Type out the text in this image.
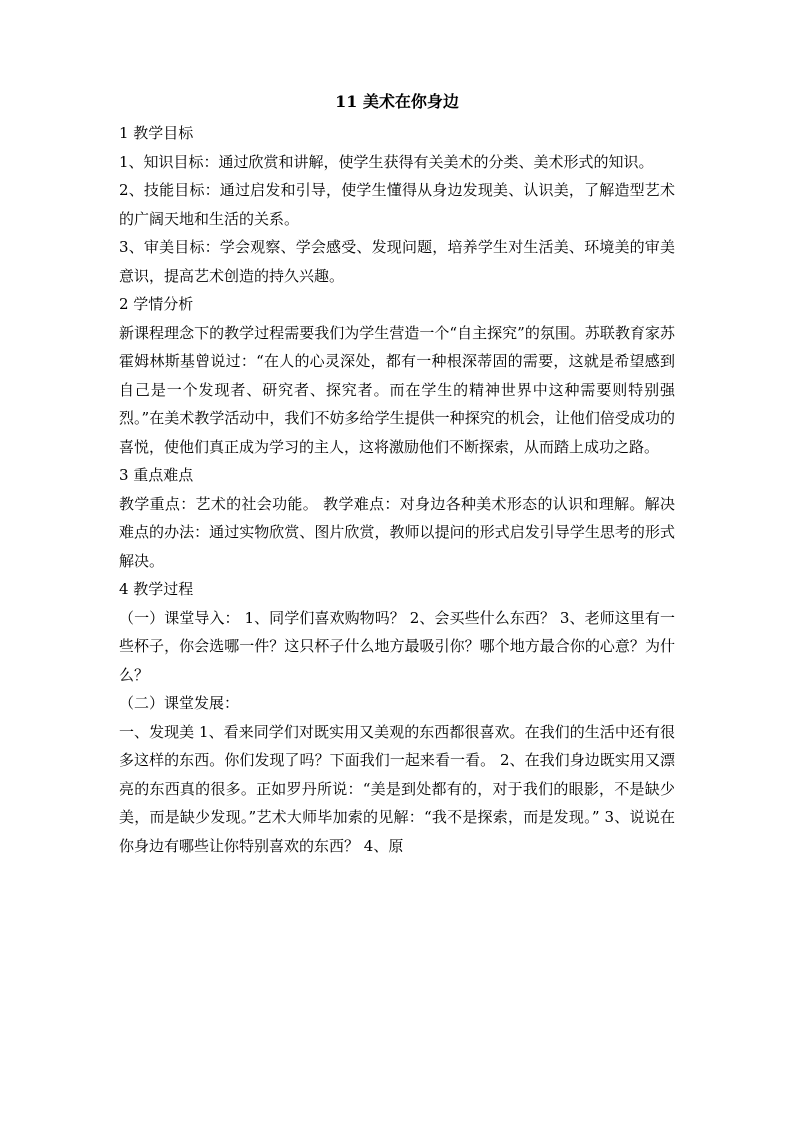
11 美术在你身边
1 教学目标
1、知识目标：通过欣赏和讲解，使学生获得有关美术的分类、美术形式的知识。
2、技能目标：通过启发和引导，使学生懂得从身边发现美、认识美，了解造型艺术的广阔天地和生活的关系。
3、审美目标：学会观察、学会感受、发现问题，培养学生对生活美、环境美的审美意识，提高艺术创造的持久兴趣。
2 学情分析
新课程理念下的教学过程需要我们为学生营造一个“自主探究”的氛围。苏联教育家苏霍姆林斯基曾说过：“在人的心灵深处，都有一种根深蒂固的需要，这就是希望感到自己是一个发现者、研究者、探究者。而在学生的精神世界中这种需要则特别强烈。”在美术教学活动中，我们不妨多给学生提供一种探究的机会，让他们倍受成功的喜悦，使他们真正成为学习的主人，这将激励他们不断探索，从而踏上成功之路。
3 重点难点
教学重点：艺术的社会功能。 教学难点：对身边各种美术形态的认识和理解。解决难点的办法：通过实物欣赏、图片欣赏，教师以提问的形式启发引导学生思考的形式解决。
4 教学过程
（一）课堂导入： 1、同学们喜欢购物吗？ 2、会买些什么东西？ 3、老师这里有一些杯子，你会选哪一件？这只杯子什么地方最吸引你？哪个地方最合你的心意？为什么？
（二）课堂发展：
一、发现美 1、看来同学们对既实用又美观的东西都很喜欢。在我们的生活中还有很多这样的东西。你们发现了吗？下面我们一起来看一看。 2、在我们身边既实用又漂亮的东西真的很多。正如罗丹所说：“美是到处都有的，对于我们的眼影，不是缺少美，而是缺少发现。”艺术大师毕加索的见解：“我不是探索，而是发现。” 3、说说在你身边有哪些让你特别喜欢的东西？ 4、原
